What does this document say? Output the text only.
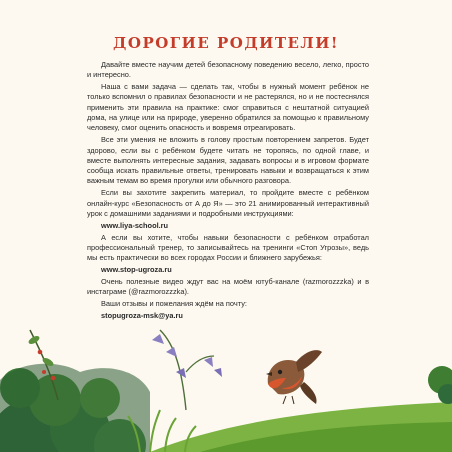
ДОРОГИЕ РОДИТЕЛИ!

Давайте вместе научим детей безопасному поведению весело, легко, просто и интересно.

Наша с вами задача — сделать так, чтобы в нужный момент ребёнок не только вспомнил о правилах безопасности и не растерялся, но и не постеснялся применить эти правила на практике: смог справиться с нештатной ситуацией дома, на улице или на природе, уверенно обратился за помощью к правильному человеку, смог оценить опасность и вовремя отреагировать.

Все эти умения не вложить в голову простым повторением запретов. Будет здорово, если вы с ребёнком будете читать не торопясь, по одной главе, и вместе выполнять интересные задания, задавать вопросы и в игровом формате сообща искать правильные ответы, тренировать навыки и возвращаться к этим важным темам во время прогулки или обычного разговора.

Если вы захотите закрепить материал, то пройдите вместе с ребёнком онлайн-курс «Безопасность от А до Я» — это 21 анимированный интерактивный урок с домашними заданиями и подробными инструкциями:

www.liya-school.ru

А если вы хотите, чтобы навыки безопасности с ребёнком отработал профессиональный тренер, то записывайтесь на тренинги «Стоп Угрозы», ведь мы есть практически во всех городах России и ближнего зарубежья:

www.stop-ugroza.ru

Очень полезные видео ждут вас на моём ютуб-канале (razmorozzzka) и в инстаграме (@razmorozzzka).

Ваши отзывы и пожелания ждём на почту:

stopugroza-msk@ya.ru
